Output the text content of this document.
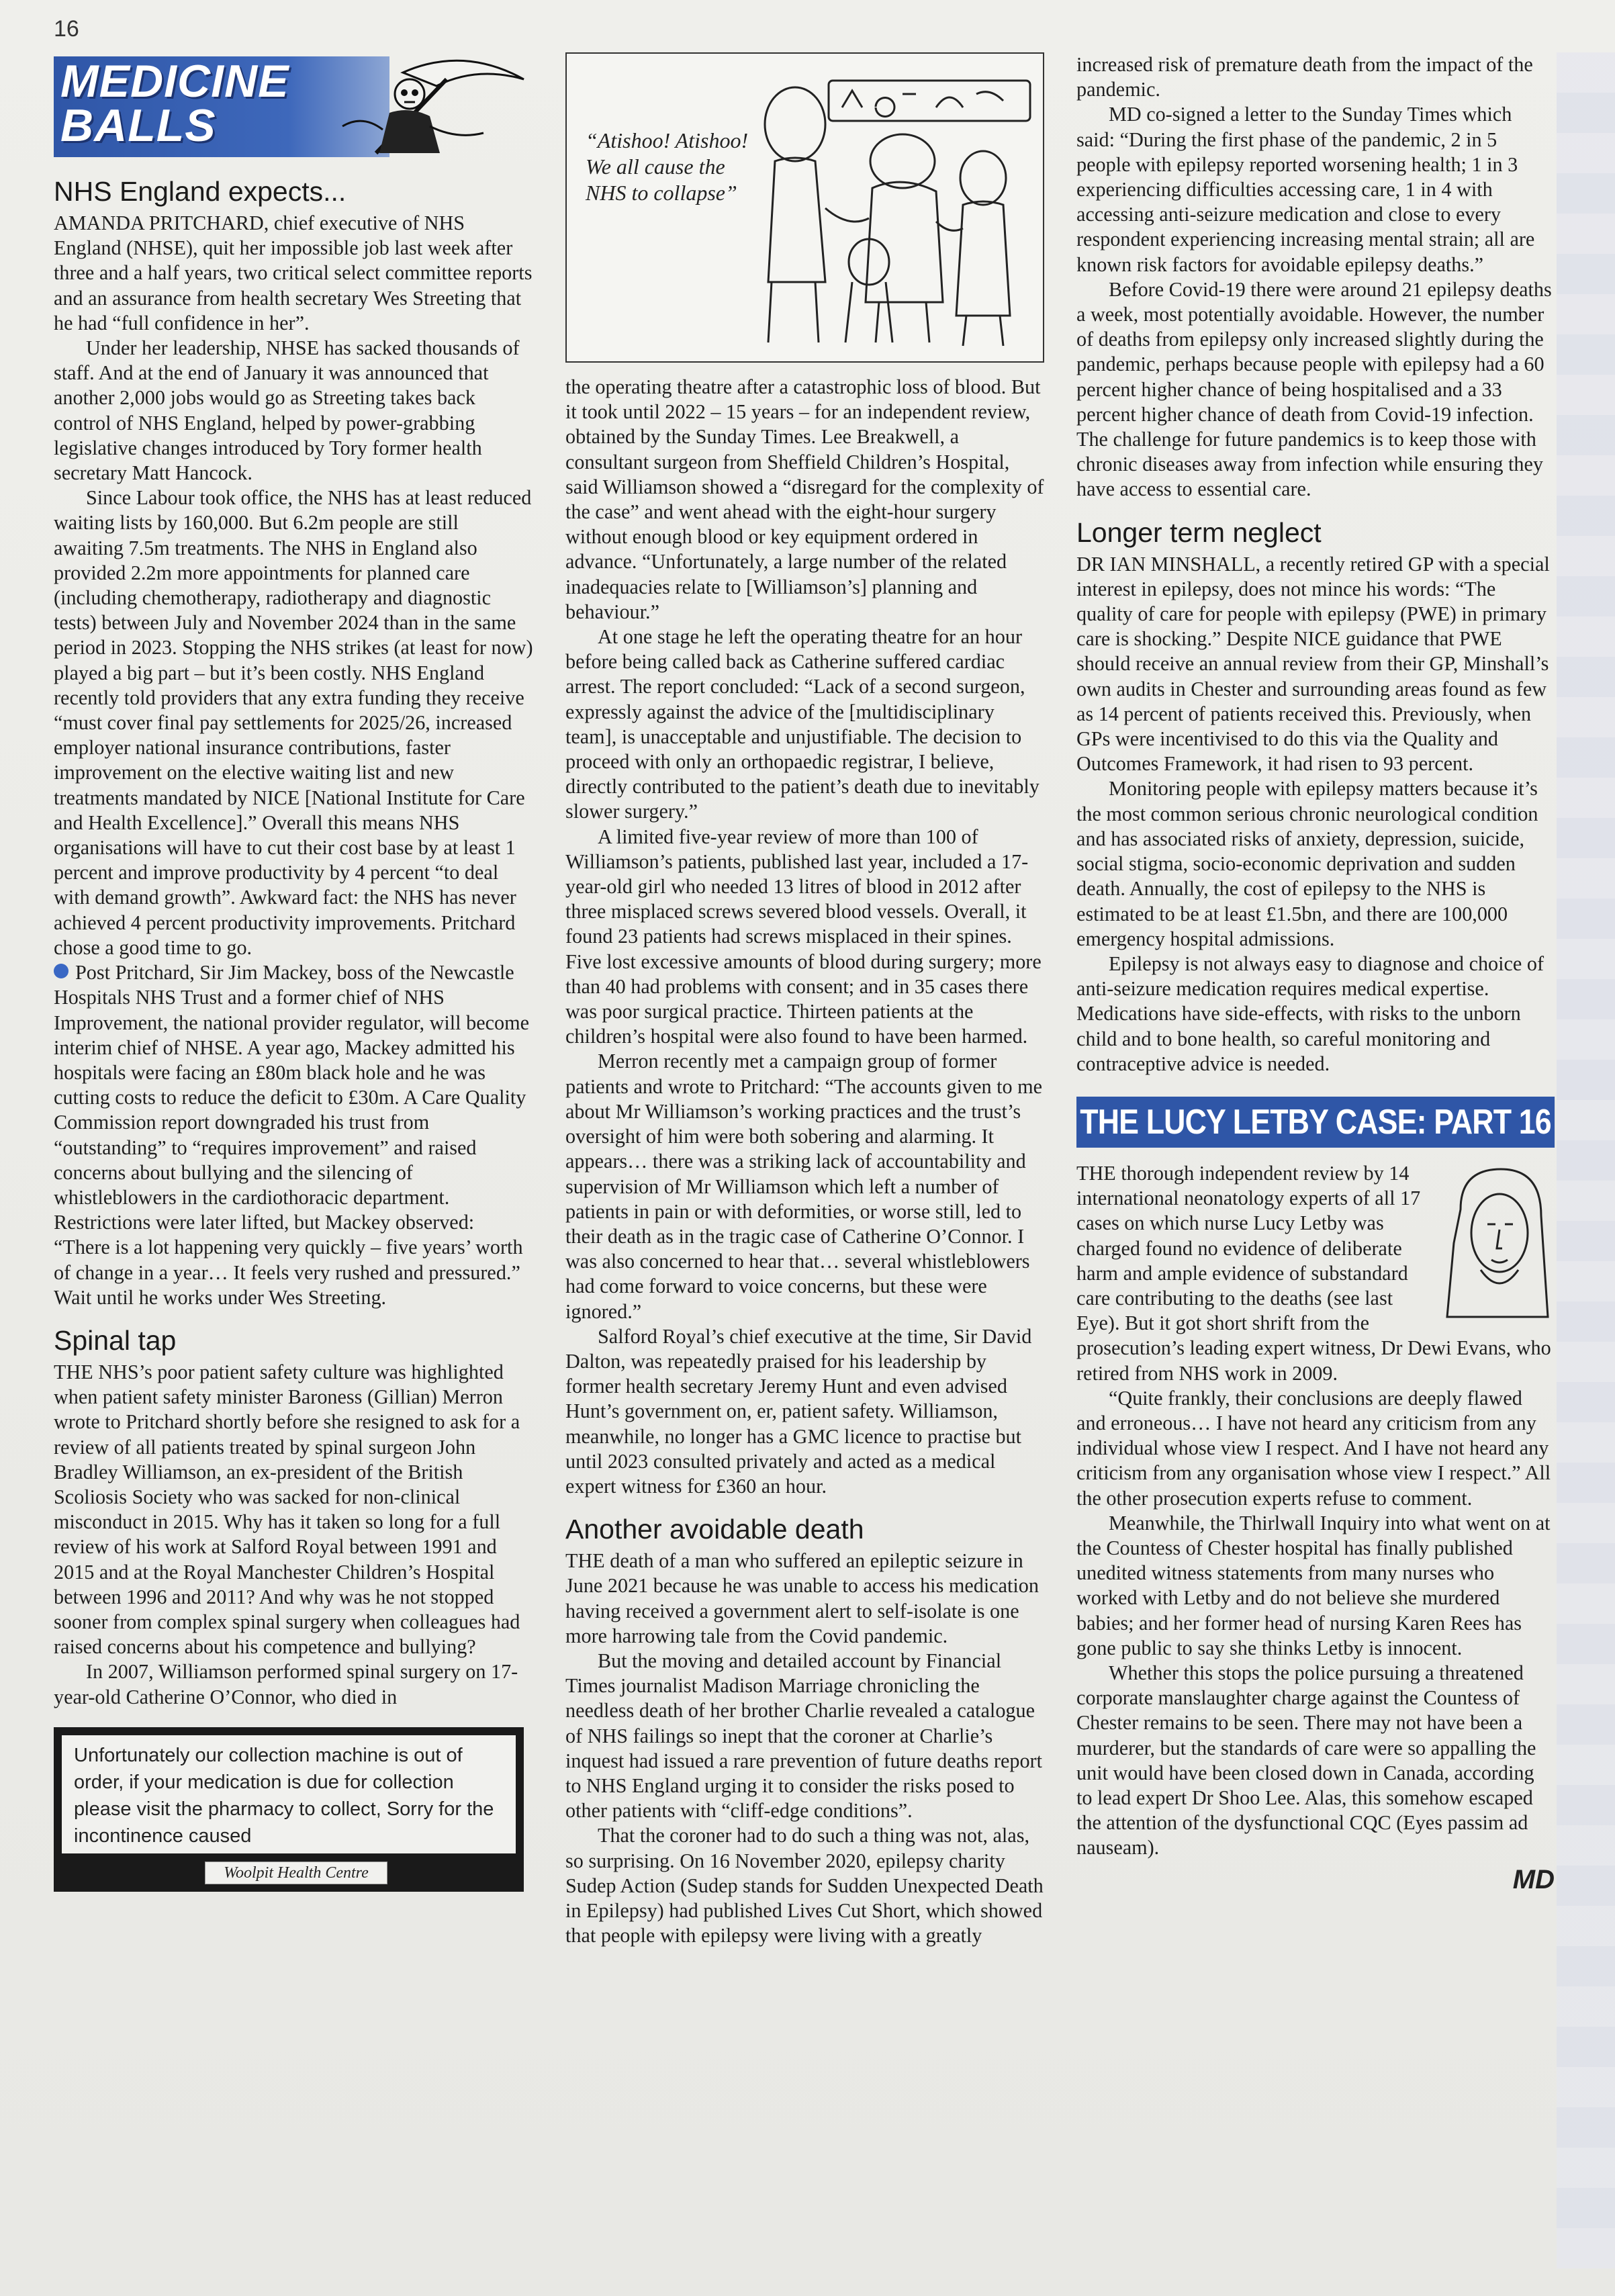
16
MEDICINE
BALLS
NHS England expects...

AMANDA PRITCHARD, chief executive of NHS England (NHSE), quit her impossible job last week after three and a half years, two critical select committee reports and an assurance from health secretary Wes Streeting that he had “full confidence in her”.

Under her leadership, NHSE has sacked thousands of staff. And at the end of January it was announced that another 2,000 jobs would go as Streeting takes back control of NHS England, helped by power-grabbing legislative changes introduced by Tory former health secretary Matt Hancock.

Since Labour took office, the NHS has at least reduced waiting lists by 160,000. But 6.2m people are still awaiting 7.5m treatments. The NHS in England also provided 2.2m more appointments for planned care (including chemotherapy, radiotherapy and diagnostic tests) between July and November 2024 than in the same period in 2023. Stopping the NHS strikes (at least for now) played a big part – but it’s been costly. NHS England recently told providers that any extra funding they receive “must cover final pay settlements for 2025/26, increased employer national insurance contributions, faster improvement on the elective waiting list and new treatments mandated by NICE [National Institute for Care and Health Excellence].” Overall this means NHS organisations will have to cut their cost base by at least 1 percent and improve productivity by 4 percent “to deal with demand growth”. Awkward fact: the NHS has never achieved 4 percent productivity improvements. Pritchard chose a good time to go.

Post Pritchard, Sir Jim Mackey, boss of the Newcastle Hospitals NHS Trust and a former chief of NHS Improvement, the national provider regulator, will become interim chief of NHSE. A year ago, Mackey admitted his hospitals were facing an £80m black hole and he was cutting costs to reduce the deficit to £30m. A Care Quality Commission report downgraded his trust from “outstanding” to “requires improvement” and raised concerns about bullying and the silencing of whistleblowers in the cardiothoracic department. Restrictions were later lifted, but Mackey observed: “There is a lot happening very quickly – five years’ worth of change in a year… It feels very rushed and pressured.” Wait until he works under Wes Streeting.

Spinal tap

THE NHS’s poor patient safety culture was highlighted when patient safety minister Baroness (Gillian) Merron wrote to Pritchard shortly before she resigned to ask for a review of all patients treated by spinal surgeon John Bradley Williamson, an ex-president of the British Scoliosis Society who was sacked for non-clinical misconduct in 2015. Why has it taken so long for a full review of his work at Salford Royal between 1991 and 2015 and at the Royal Manchester Children’s Hospital between 1996 and 2011? And why was he not stopped sooner from complex spinal surgery when colleagues had raised concerns about his competence and bullying?

In 2007, Williamson performed spinal surgery on 17-year-old Catherine O’Connor, who died in

Unfortunately our collection machine is out of order, if your medication is due for collection please visit the pharmacy to collect, Sorry for the incontinence caused
Woolpit Health Centre
“Atishoo! Atishoo! We all cause the NHS to collapse”

the operating theatre after a catastrophic loss of blood. But it took until 2022 – 15 years – for an independent review, obtained by the Sunday Times. Lee Breakwell, a consultant surgeon from Sheffield Children’s Hospital, said Williamson showed a “disregard for the complexity of the case” and went ahead with the eight-hour surgery without enough blood or key equipment ordered in advance. “Unfortunately, a large number of the related inadequacies relate to [Williamson’s] planning and behaviour.”

At one stage he left the operating theatre for an hour before being called back as Catherine suffered cardiac arrest. The report concluded: “Lack of a second surgeon, expressly against the advice of the [multidisciplinary team], is unacceptable and unjustifiable. The decision to proceed with only an orthopaedic registrar, I believe, directly contributed to the patient’s death due to inevitably slower surgery.”

A limited five-year review of more than 100 of Williamson’s patients, published last year, included a 17-year-old girl who needed 13 litres of blood in 2012 after three misplaced screws severed blood vessels. Overall, it found 23 patients had screws misplaced in their spines. Five lost excessive amounts of blood during surgery; more than 40 had problems with consent; and in 35 cases there was poor surgical practice. Thirteen patients at the children’s hospital were also found to have been harmed.

Merron recently met a campaign group of former patients and wrote to Pritchard: “The accounts given to me about Mr Williamson’s working practices and the trust’s oversight of him were both sobering and alarming. It appears… there was a striking lack of accountability and supervision of Mr Williamson which left a number of patients in pain or with deformities, or worse still, led to their death as in the tragic case of Catherine O’Connor. I was also concerned to hear that… several whistleblowers had come forward to voice concerns, but these were ignored.”

Salford Royal’s chief executive at the time, Sir David Dalton, was repeatedly praised for his leadership by former health secretary Jeremy Hunt and even advised Hunt’s government on, er, patient safety. Williamson, meanwhile, no longer has a GMC licence to practise but until 2023 consulted privately and acted as a medical expert witness for £360 an hour.

Another avoidable death

THE death of a man who suffered an epileptic seizure in June 2021 because he was unable to access his medication having received a government alert to self-isolate is one more harrowing tale from the Covid pandemic.

But the moving and detailed account by Financial Times journalist Madison Marriage chronicling the needless death of her brother Charlie revealed a catalogue of NHS failings so inept that the coroner at Charlie’s inquest had issued a rare prevention of future deaths report to NHS England urging it to consider the risks posed to other patients with “cliff-edge conditions”.

That the coroner had to do such a thing was not, alas, so surprising. On 16 November 2020, epilepsy charity Sudep Action (Sudep stands for Sudden Unexpected Death in Epilepsy) had published Lives Cut Short, which showed that people with epilepsy were living with a greatly

increased risk of premature death from the impact of the pandemic.

MD co-signed a letter to the Sunday Times which said: “During the first phase of the pandemic, 2 in 5 people with epilepsy reported worsening health; 1 in 3 experiencing difficulties accessing care, 1 in 4 with accessing anti-seizure medication and close to every respondent experiencing increasing mental strain; all are known risk factors for avoidable epilepsy deaths.”

Before Covid-19 there were around 21 epilepsy deaths a week, most potentially avoidable. However, the number of deaths from epilepsy only increased slightly during the pandemic, perhaps because people with epilepsy had a 60 percent higher chance of being hospitalised and a 33 percent higher chance of death from Covid-19 infection. The challenge for future pandemics is to keep those with chronic diseases away from infection while ensuring they have access to essential care.

Longer term neglect

DR IAN MINSHALL, a recently retired GP with a special interest in epilepsy, does not mince his words: “The quality of care for people with epilepsy (PWE) in primary care is shocking.” Despite NICE guidance that PWE should receive an annual review from their GP, Minshall’s own audits in Chester and surrounding areas found as few as 14 percent of patients received this. Previously, when GPs were incentivised to do this via the Quality and Outcomes Framework, it had risen to 93 percent.

Monitoring people with epilepsy matters because it’s the most common serious chronic neurological condition and has associated risks of anxiety, depression, suicide, social stigma, socio-economic deprivation and sudden death. Annually, the cost of epilepsy to the NHS is estimated to be at least £1.5bn, and there are 100,000 emergency hospital admissions.

Epilepsy is not always easy to diagnose and choice of anti-seizure medication requires medical expertise. Medications have side-effects, with risks to the unborn child and to bone health, so careful monitoring and contraceptive advice is needed.

THE LUCY LETBY CASE: PART 16

THE thorough independent review by 14 international neonatology experts of all 17 cases on which nurse Lucy Letby was charged found no evidence of deliberate harm and ample evidence of substandard care contributing to the deaths (see last Eye). But it got short shrift from the prosecution’s leading expert witness, Dr Dewi Evans, who retired from NHS work in 2009.

“Quite frankly, their conclusions are deeply flawed and erroneous… I have not heard any criticism from any individual whose view I respect. And I have not heard any criticism from any organisation whose view I respect.” All the other prosecution experts refuse to comment.

Meanwhile, the Thirlwall Inquiry into what went on at the Countess of Chester hospital has finally published unedited witness statements from many nurses who worked with Letby and do not believe she murdered babies; and her former head of nursing Karen Rees has gone public to say she thinks Letby is innocent.

Whether this stops the police pursuing a threatened corporate manslaughter charge against the Countess of Chester remains to be seen. There may not have been a murderer, but the standards of care were so appalling the unit would have been closed down in Canada, according to lead expert Dr Shoo Lee. Alas, this somehow escaped the attention of the dysfunctional CQC (Eyes passim ad nauseam).

MD
